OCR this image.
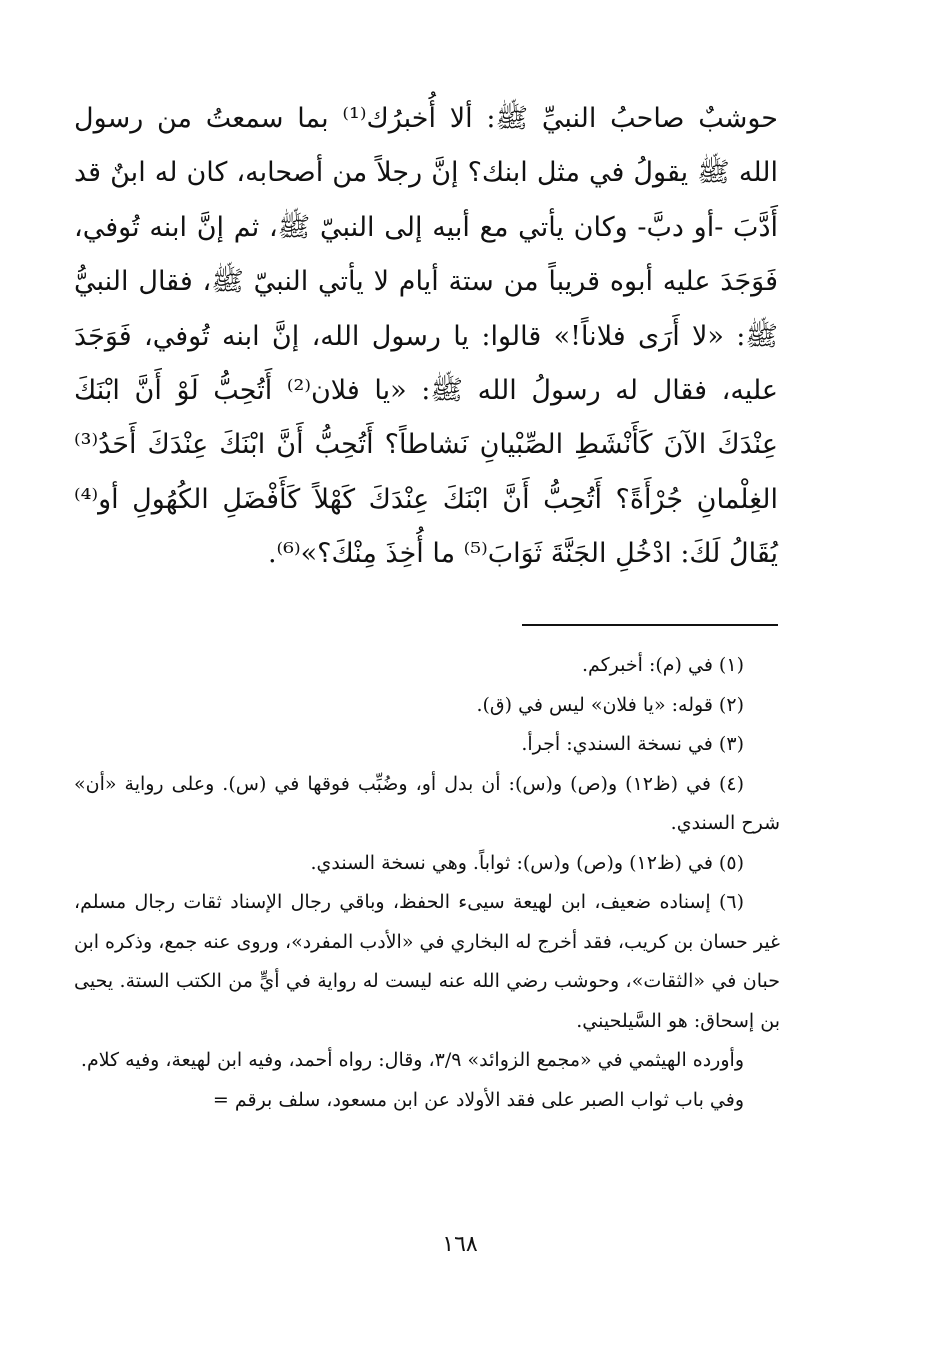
حوشبٌ صاحبُ النبيِّ ﷺ: ألا أُخبرُك⁽¹⁾ بما سمعتُ من رسول الله ﷺ يقولُ في مثل ابنك؟ إنَّ رجلاً من أصحابه، كان له ابنٌ قد أَدَّبَ -أو دبَّ- وكان يأتي مع أبيه إلى النبيّ ﷺ، ثم إنَّ ابنه تُوفي، فَوَجَدَ عليه أبوه قريباً من ستة أيام لا يأتي النبيّ ﷺ، فقال النبيُّ ﷺ: «لا أَرَى فلاناً!» قالوا: يا رسول الله، إنَّ ابنه تُوفي، فَوَجَدَ عليه، فقال له رسولُ الله ﷺ: «يا فلان⁽²⁾ أَتُحِبُّ لَوْ أَنَّ ابْنَكَ عِنْدَكَ الآنَ كَأَنْشَطِ الصِّبْيانِ نَشاطاً؟ أَتُحِبُّ أَنَّ ابْنَكَ عِنْدَكَ أَحَدُ⁽³⁾ الغِلْمانِ جُرْأَةً؟ أَتُحِبُّ أَنَّ ابْنَكَ عِنْدَكَ كَهْلاً كَأَفْضَلِ الكُهُولِ أو⁽⁴⁾ يُقَالُ لَكَ: ادْخُلِ الجَنَّةَ ثَوَابَ⁽⁵⁾ ما أُخِذَ مِنْكَ؟»⁽⁶⁾.

(١) في (م): أخبركم.

(٢) قوله: «يا فلان» ليس في (ق).

(٣) في نسخة السندي: أجرأ.

(٤) في (ظ١٢) و(ص) و(س): أن بدل أو، وضُبِّب فوقها في (س). وعلى رواية «أن» شرح السندي.

(٥) في (ظ١٢) و(ص) و(س): ثواباً. وهي نسخة السندي.

(٦) إسناده ضعيف، ابن لهيعة سيىء الحفظ، وباقي رجال الإسناد ثقات رجال مسلم، غير حسان بن كريب، فقد أخرج له البخاري في «الأدب المفرد»، وروى عنه جمع، وذكره ابن حبان في «الثقات»، وحوشب رضي الله عنه ليست له رواية في أيٍّ من الكتب الستة. يحيى بن إسحاق: هو السَّيلحيني.

وأورده الهيثمي في «مجمع الزوائد» ٣/٩، وقال: رواه أحمد، وفيه ابن لهيعة، وفيه كلام.

وفي باب ثواب الصبر على فقد الأولاد عن ابن مسعود، سلف برقم =

١٦٨
